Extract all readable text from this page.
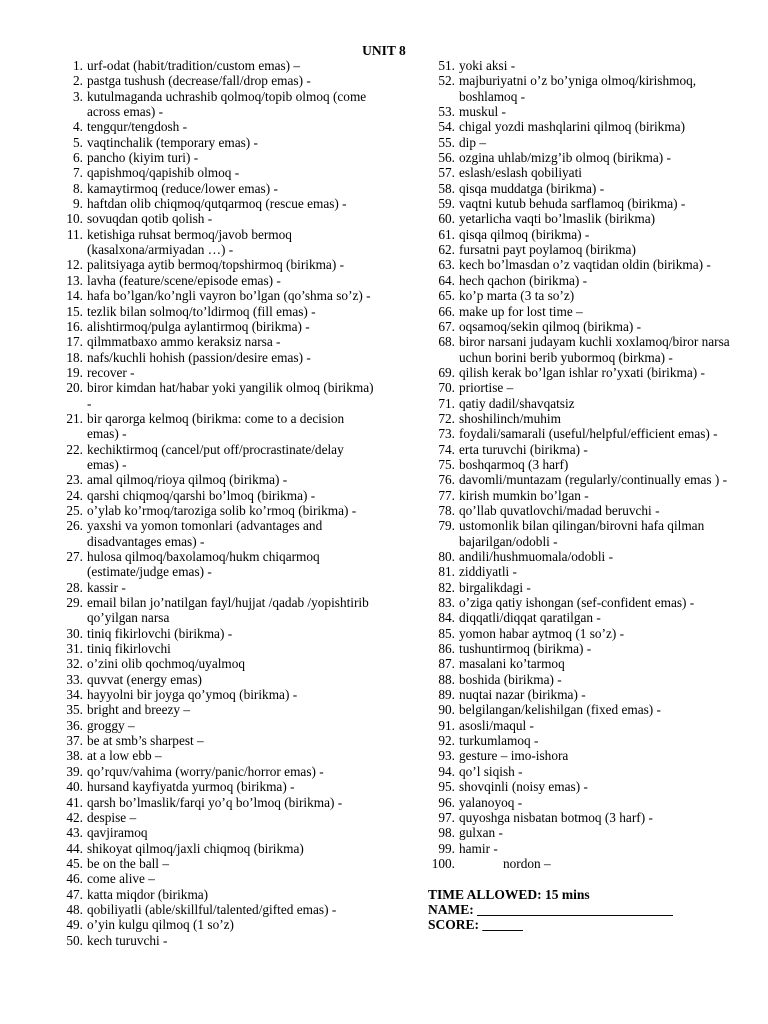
UNIT 8
1. urf-odat (habit/tradition/custom emas) –
2. pastga tushush (decrease/fall/drop emas) -
3. kutulmaganda uchrashib qolmoq/topib olmoq (come across emas) -
4. tengqur/tengdosh -
5. vaqtinchalik (temporary emas) -
6. pancho (kiyim turi) -
7. qapishmoq/qapishib olmoq -
8. kamaytirmoq (reduce/lower emas) -
9. haftdan olib chiqmoq/qutqarmoq (rescue emas) -
10. sovuqdan qotib qolish -
11. ketishiga ruhsat bermoq/javob bermoq (kasalxona/armiyadan …) -
12. palitsiyaga aytib bermoq/topshirmoq (birikma) -
13. lavha (feature/scene/episode emas) -
14. hafa bo’lgan/ko’ngli vayron bo’lgan (qo’shma so’z) -
15. tezlik bilan solmoq/to’ldirmoq (fill emas) -
16. alishtirmoq/pulga aylantirmoq (birikma) -
17. qilmmatbaxo ammo keraksiz narsa -
18. nafs/kuchli hohish (passion/desire emas) -
19. recover -
20. biror kimdan hat/habar yoki yangilik olmoq (birikma) -
21. bir qarorga kelmoq (birikma: come to a decision emas) -
22. kechiktirmoq (cancel/put off/procrastinate/delay emas) -
23. amal qilmoq/rioya qilmoq (birikma) -
24. qarshi chiqmoq/qarshi bo’lmoq (birikma) -
25. o’ylab ko’rmoq/taroziga solib ko’rmoq (birikma) -
26. yaxshi va yomon tomonlari (advantages and disadvantages emas) -
27. hulosa qilmoq/baxolamoq/hukm chiqarmoq (estimate/judge emas) -
28. kassir -
29. email bilan jo’natilgan fayl/hujjat /qadab /yopishtirib qo’yilgan narsa
30. tiniq fikirlovchi (birikma) -
31. tiniq fikirlovchi
32. o’zini olib qochmoq/uyalmoq
33. quvvat (energy emas)
34. hayyolni bir joyga qo’ymoq (birikma) -
35. bright and breezy –
36. groggy –
37. be at smb’s sharpest –
38. at a low ebb –
39. qo’rquv/vahima (worry/panic/horror emas) -
40. hursand kayfiyatda yurmoq (birikma) -
41. qarsh bo’lmaslik/farqi yo’q bo’lmoq (birikma) -
42. despise –
43. qavjiramoq
44. shikoyat qilmoq/jaxli chiqmoq (birikma)
45. be on the ball –
46. come alive –
47. katta miqdor (birikma)
48. qobiliyatli (able/skillful/talented/gifted emas) -
49. o’yin kulgu qilmoq (1 so’z)
50. kech turuvchi -
51. yoki aksi -
52. majburiyatni o’z bo’yniga olmoq/kirishmoq, boshlamoq -
53. muskul -
54. chigal yozdi mashqlarini qilmoq (birikma)
55. dip –
56. ozgina uhlab/mizg’ib olmoq (birikma) -
57. eslash/eslash qobiliyati
58. qisqa muddatga (birikma) -
59. vaqtni kutub behuda sarflamoq (birikma) -
60. yetarlicha vaqti bo’lmaslik (birikma)
61. qisqa qilmoq (birikma) -
62. fursatni payt poylamoq (birikma)
63. kech bo’lmasdan o’z vaqtidan oldin (birikma) -
64. hech qachon (birikma) -
65. ko’p marta (3 ta so’z)
66. make up for lost time –
67. oqsamoq/sekin qilmoq (birikma) -
68. biror narsani judayam kuchli xoxlamoq/biror narsa uchun borini berib yubormoq (birkma) -
69. qilish kerak bo’lgan ishlar ro’yxati (birikma) -
70. priortise –
71. qatiy dadil/shavqatsiz
72. shoshilinch/muhim
73. foydali/samarali (useful/helpful/efficient emas) -
74. erta turuvchi (birikma) -
75. boshqarmoq (3 harf)
76. davomli/muntazam (regularly/continually emas ) -
77. kirish mumkin bo’lgan -
78. qo’llab quvatlovchi/madad beruvchi -
79. ustomonlik bilan qilingan/birovni hafa qilman bajarilgan/odobli -
80. andili/hushmuomala/odobli -
81. ziddiyatli -
82. birgalikdagi -
83. o’ziga qatiy ishongan (sef-confident emas) -
84. diqqatli/diqqat qaratilgan -
85. yomon habar aytmoq (1 so’z) -
86. tushuntirmoq (birikma) -
87. masalani ko’tarmoq
88. boshida (birikma) -
89. nuqtai nazar (birikma) -
90. belgilangan/kelishilgan (fixed emas) -
91. asosli/maqul -
92. turkumlamoq -
93. gesture – imo-ishora
94. qo’l siqish -
95. shovqinli (noisy emas) -
96. yalanoyoq -
97. quyoshga nisbatan botmoq (3 harf) -
98. gulxan -
99. hamir -
100.	nordon –
TIME ALLOWED: 15 mins
NAME: _____________________________
SCORE: ______
